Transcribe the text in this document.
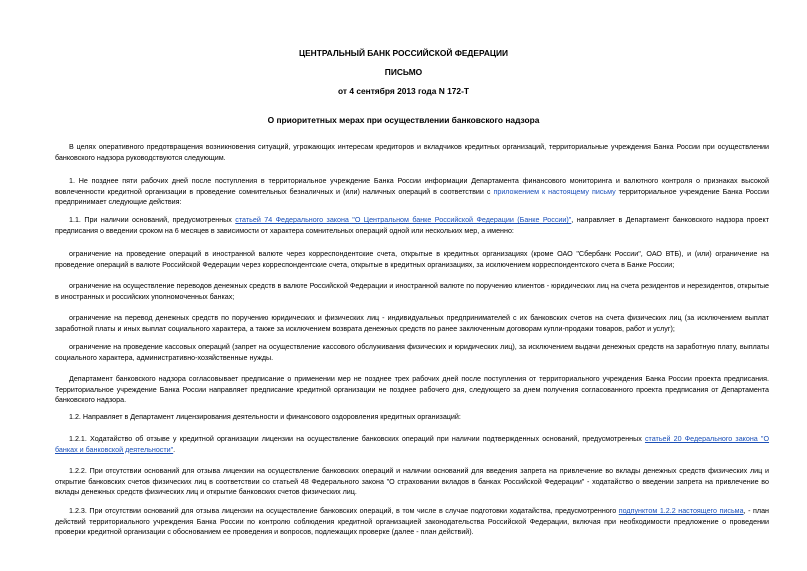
ЦЕНТРАЛЬНЫЙ БАНК РОССИЙСКОЙ ФЕДЕРАЦИИ

ПИСЬМО

от 4 сентября 2013 года N 172-Т

О приоритетных мерах при осуществлении банковского надзора

В целях оперативного предотвращения возникновения ситуаций, угрожающих интересам кредиторов и вкладчиков кредитных организаций, территориальные учреждения Банка России при осуществлении банковского надзора руководствуются следующим.

1. Не позднее пяти рабочих дней после поступления в территориальное учреждение Банка России информации Департамента финансового мониторинга и валютного контроля о признаках высокой вовлеченности кредитной организации в проведение сомнительных безналичных и (или) наличных операций в соответствии с приложением к настоящему письму территориальное учреждение Банка России предпринимает следующие действия:

1.1. При наличии оснований, предусмотренных статьей 74 Федерального закона "О Центральном банке Российской Федерации (Банке России)", направляет в Департамент банковского надзора проект предписания о введении сроком на 6 месяцев в зависимости от характера сомнительных операций одной или нескольких мер, а именно:

ограничение на проведение операций в иностранной валюте через корреспондентские счета, открытые в кредитных организациях (кроме ОАО "Сбербанк России", ОАО ВТБ), и (или) ограничение на проведение операций в валюте Российской Федерации через корреспондентские счета, открытые в кредитных организациях, за исключением корреспондентского счета в Банке России;

ограничение на осуществление переводов денежных средств в валюте Российской Федерации и иностранной валюте по поручению клиентов - юридических лиц на счета резидентов и нерезидентов, открытые в иностранных и российских уполномоченных банках;

ограничение на перевод денежных средств по поручению юридических и физических лиц - индивидуальных предпринимателей с их банковских счетов на счета физических лиц (за исключением выплат заработной платы и иных выплат социального характера, а также за исключением возврата денежных средств по ранее заключенным договорам купли-продажи товаров, работ и услуг);

ограничение на проведение кассовых операций (запрет на осуществление кассового обслуживания физических и юридических лиц), за исключением выдачи денежных средств на заработную плату, выплаты социального характера, административно-хозяйственные нужды.

Департамент банковского надзора согласовывает предписание о применении мер не позднее трех рабочих дней после поступления от территориального учреждения Банка России проекта предписания. Территориальное учреждение Банка России направляет предписание кредитной организации не позднее рабочего дня, следующего за днем получения согласованного проекта предписания от Департамента банковского надзора.

1.2. Направляет в Департамент лицензирования деятельности и финансового оздоровления кредитных организаций:

1.2.1. Ходатайство об отзыве у кредитной организации лицензии на осуществление банковских операций при наличии подтвержденных оснований, предусмотренных статьей 20 Федерального закона "О банках и банковской деятельности".

1.2.2. При отсутствии оснований для отзыва лицензии на осуществление банковских операций и наличии оснований для введения запрета на привлечение во вклады денежных средств физических лиц и открытие банковских счетов физических лиц в соответствии со статьей 48 Федерального закона "О страховании вкладов в банках Российской Федерации" - ходатайство о введении запрета на привлечение во вклады денежных средств физических лиц и открытие банковских счетов физических лиц.

1.2.3. При отсутствии оснований для отзыва лицензии на осуществление банковских операций, в том числе в случае подготовки ходатайства, предусмотренного подпунктом 1.2.2 настоящего письма, - план действий территориального учреждения Банка России по контролю соблюдения кредитной организацией законодательства Российской Федерации, включая при необходимости предложение о проведении проверки кредитной организации с обоснованием ее проведения и вопросов, подлежащих проверке (далее - план действий).
